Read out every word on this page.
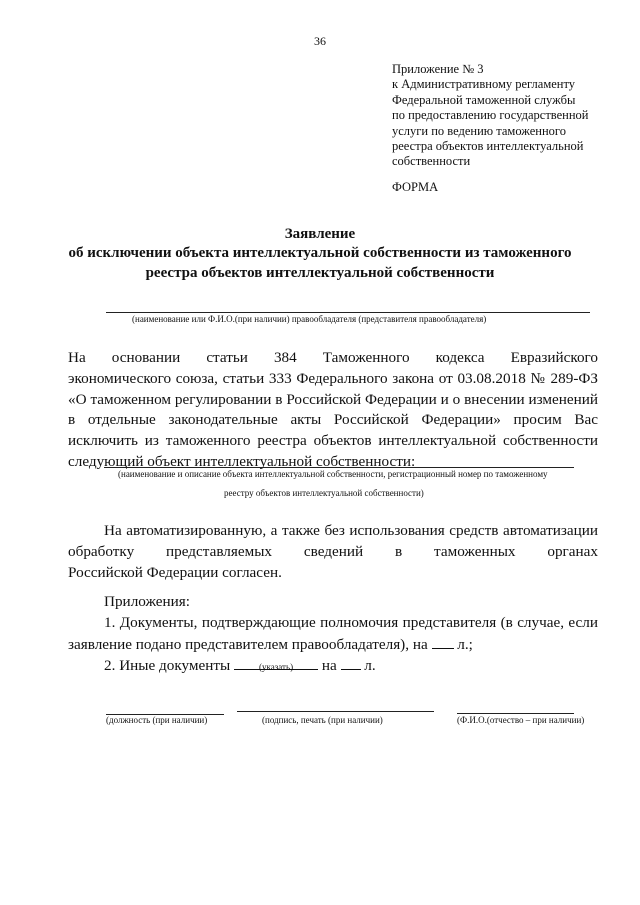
36
Приложение № 3
к Административному регламенту
Федеральной таможенной службы
по предоставлению государственной
услуги по ведению таможенного
реестра объектов интеллектуальной
собственности
ФОРМА
Заявление
об исключении объекта интеллектуальной собственности из таможенного
реестра объектов интеллектуальной собственности
(наименование или Ф.И.О.(при наличии) правообладателя (представителя правообладателя)
На основании статьи 384 Таможенного кодекса Евразийского
экономического союза, статьи 333 Федерального закона от 03.08.2018 № 289-ФЗ
«О таможенном регулировании в Российской Федерации и о внесении изменений
в отдельные законодательные акты Российской Федерации» просим Вас
исключить из таможенного реестра объектов интеллектуальной собственности
следующий объект интеллектуальной собственности:
(наименование и описание объекта интеллектуальной собственности, регистрационный номер по таможенному
реестру объектов интеллектуальной собственности)
На автоматизированную, а также без использования средств автоматизации
обработку представляемых сведений в таможенных органах
Российской Федерации согласен.
Приложения:
1. Документы, подтверждающие полномочия представителя (в случае, если
заявление подано представителем правообладателя), на л.;
2. Иные документы	на л.
(указать)
(должность (при наличии)	(подпись, печать (при наличии)	(Ф.И.О.(отчество – при наличии)
